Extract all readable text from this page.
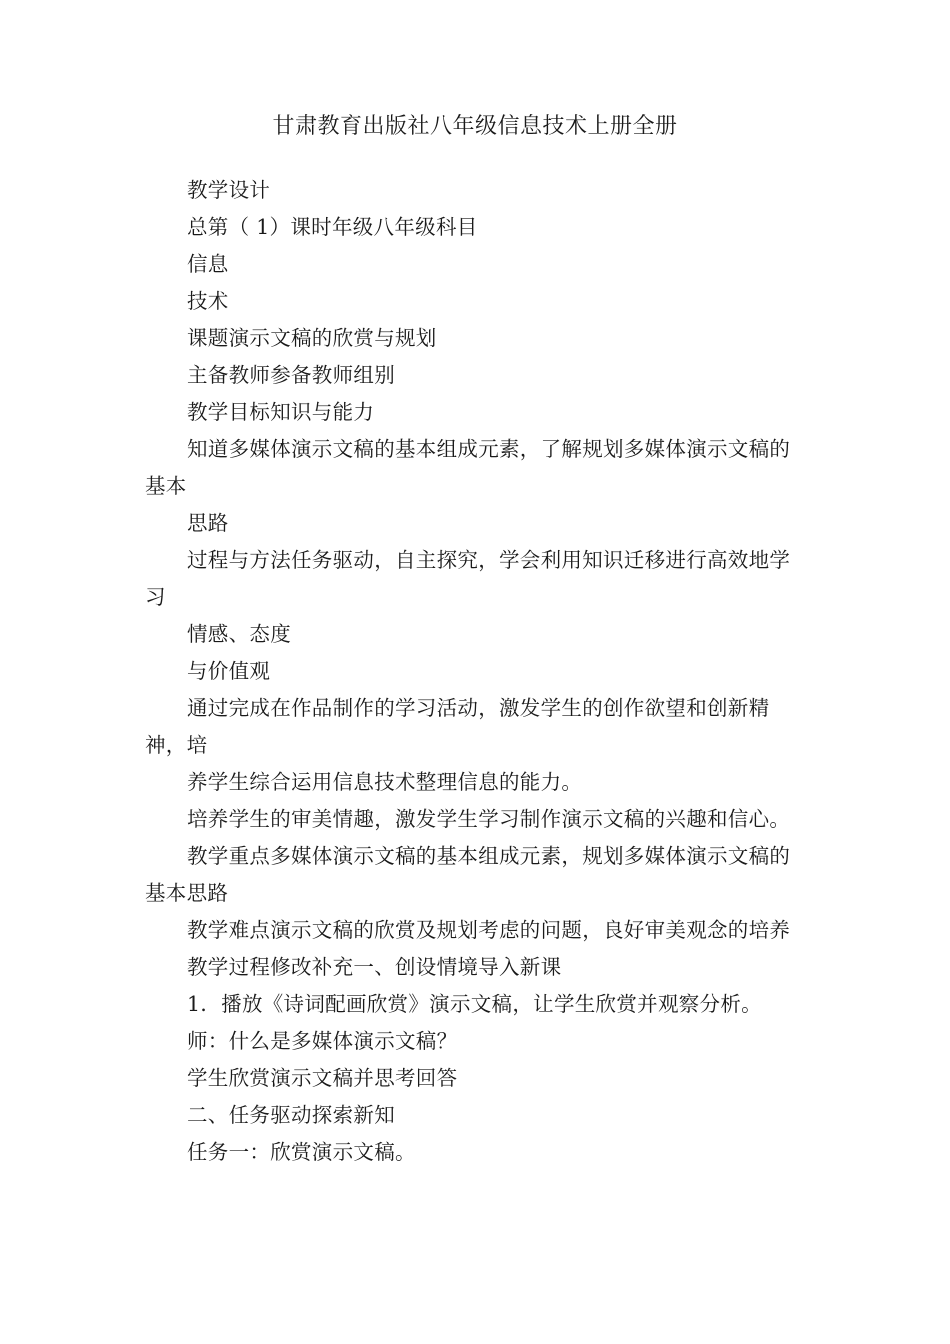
甘肃教育出版社八年级信息技术上册全册

教学设计

总第（ 1）课时年级八年级科目

信息

技术

课题演示文稿的欣赏与规划

主备教师参备教师组别

教学目标知识与能力

知道多媒体演示文稿的基本组成元素，了解规划多媒体演示文稿的基本

思路

过程与方法任务驱动，自主探究，学会利用知识迁移进行高效地学习

情感、态度

与价值观

通过完成在作品制作的学习活动，激发学生的创作欲望和创新精神，培

养学生综合运用信息技术整理信息的能力。

培养学生的审美情趣，激发学生学习制作演示文稿的兴趣和信心。

教学重点多媒体演示文稿的基本组成元素，规划多媒体演示文稿的基本思路

教学难点演示文稿的欣赏及规划考虑的问题，良好审美观念的培养

教学过程修改补充一、创设情境导入新课

1．播放《诗词配画欣赏》演示文稿，让学生欣赏并观察分析。

师：什么是多媒体演示文稿？

学生欣赏演示文稿并思考回答

二、任务驱动探索新知

任务一：欣赏演示文稿。
